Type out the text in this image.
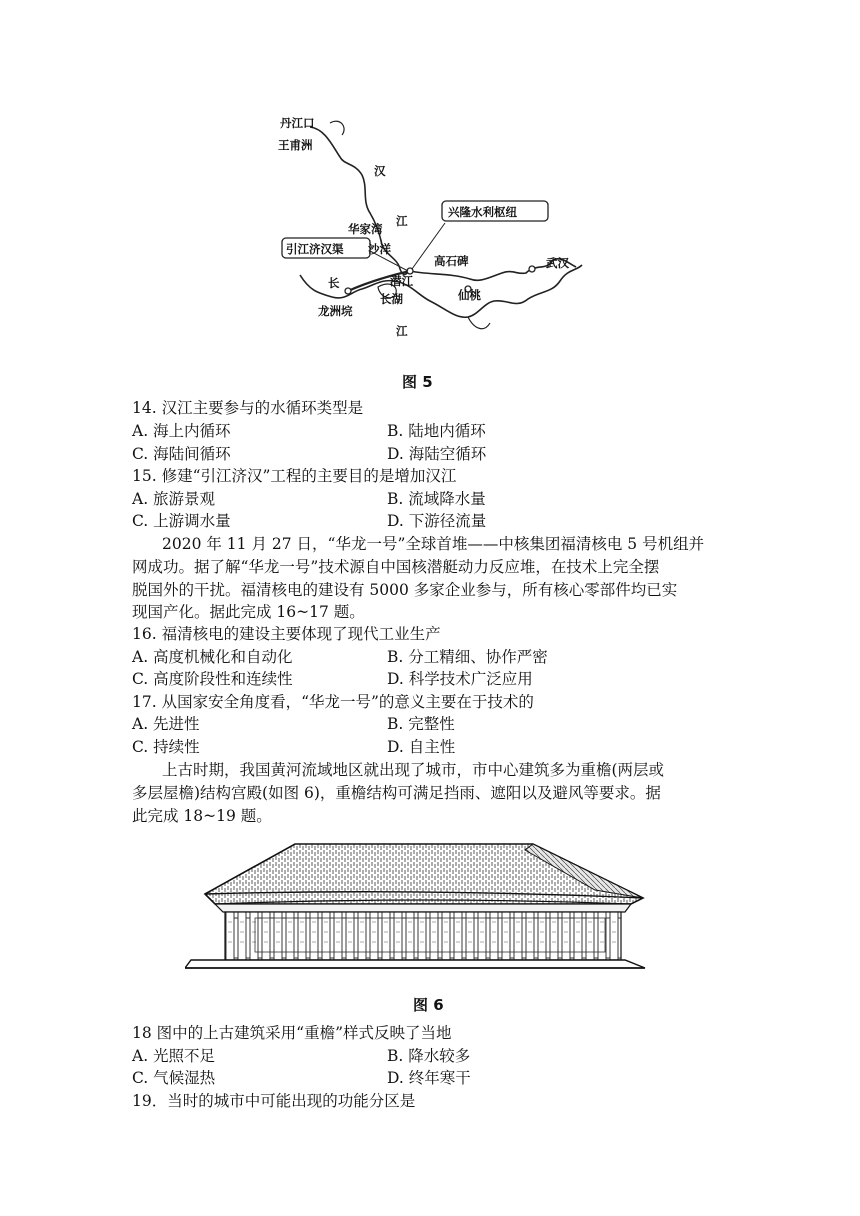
丹江口
王甫洲
汉
江
兴隆水利枢纽
华家湾
沙洋
引江济汉渠
高石碑	武汉
长	潜江
长湖	仙桃
龙洲垸
江
图 5
14. 汉江主要参与的水循环类型是
A. 海上内循环	B. 陆地内循环
C. 海陆间循环	D. 海陆空循环
15. 修建“引江济汉”工程的主要目的是增加汉江
A. 旅游景观	B. 流域降水量
C. 上游调水量	D. 下游径流量
2020 年 11 月 27 日，“华龙一号”全球首堆——中核集团福清核电 5 号机组并
网成功。据了解“华龙一号”技术源自中国核潜艇动力反应堆，在技术上完全摆
脱国外的干扰。福清核电的建设有 5000 多家企业参与，所有核心零部件均已实
现国产化。据此完成 16~17 题。
16. 福清核电的建设主要体现了现代工业生产
A. 高度机械化和自动化	B. 分工精细、协作严密
C. 高度阶段性和连续性	D. 科学技术广泛应用
17. 从国家安全角度看，“华龙一号”的意义主要在于技术的
A. 先进性	B. 完整性
C. 持续性	D. 自主性
上古时期，我国黄河流域地区就出现了城市，市中心建筑多为重檐(两层或
多层屋檐)结构宫殿(如图 6)，重檐结构可满足挡雨、遮阳以及避风等要求。据
此完成 18~19 题。
图 6
18 图中的上古建筑采用“重檐”样式反映了当地
A. 光照不足	B. 降水较多
C. 气候湿热	D. 终年寒干
19．当时的城市中可能出现的功能分区是
